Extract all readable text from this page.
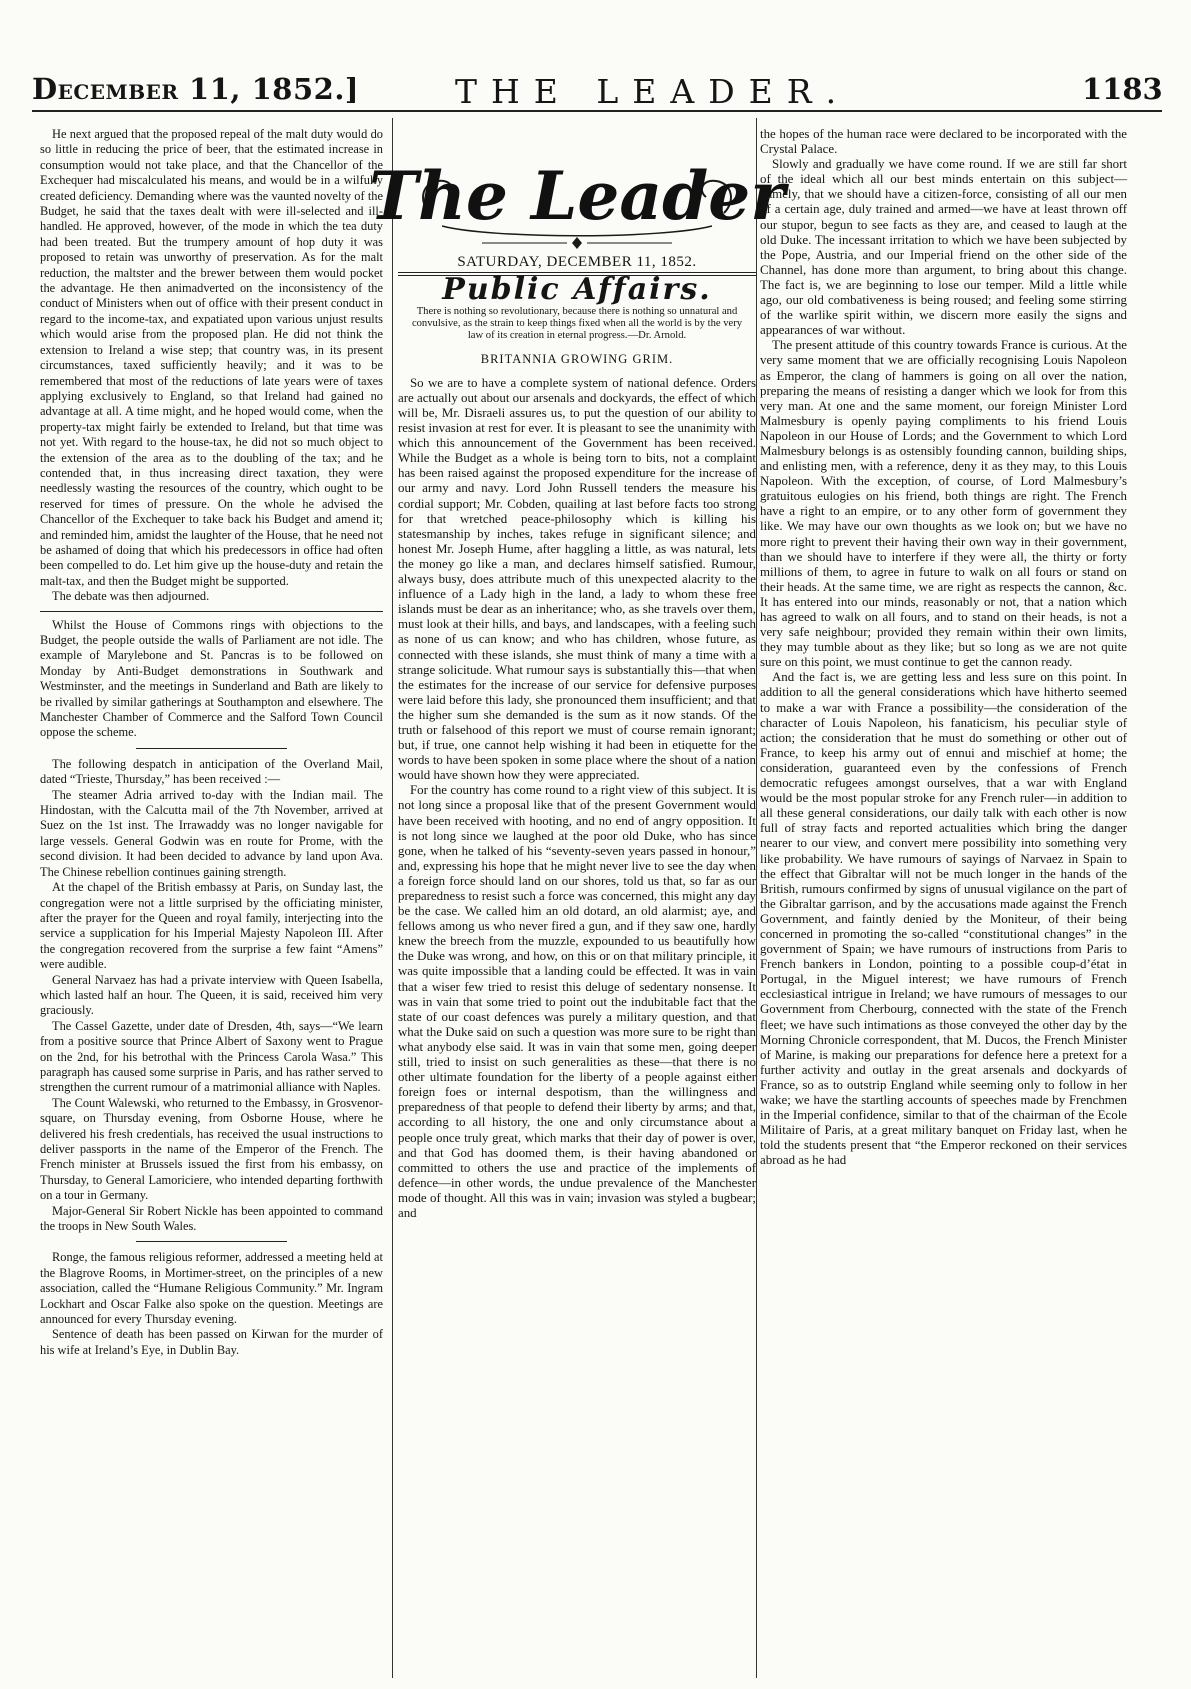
December 11, 1852.]	THE LEADER.	1183

He next argued that the proposed repeal of the malt duty would do so little in reducing the price of beer, that the estimated increase in consumption would not take place, and that the Chancellor of the Exchequer had miscalculated his means, and would be in a wilfully created deficiency. Demanding where was the vaunted novelty of the Budget, he said that the taxes dealt with were ill-selected and ill-handled. He approved, however, of the mode in which the tea duty had been treated. But the trumpery amount of hop duty it was proposed to retain was unworthy of preservation. As for the malt reduction, the maltster and the brewer between them would pocket the advantage. He then animadverted on the inconsistency of the conduct of Ministers when out of office with their present conduct in regard to the income-tax, and expatiated upon various unjust results which would arise from the proposed plan. He did not think the extension to Ireland a wise step; that country was, in its present circumstances, taxed sufficiently heavily; and it was to be remembered that most of the reductions of late years were of taxes applying exclusively to England, so that Ireland had gained no advantage at all. A time might, and he hoped would come, when the property-tax might fairly be extended to Ireland, but that time was not yet. With regard to the house-tax, he did not so much object to the extension of the area as to the doubling of the tax; and he contended that, in thus increasing direct taxation, they were needlessly wasting the resources of the country, which ought to be reserved for times of pressure. On the whole he advised the Chancellor of the Exchequer to take back his Budget and amend it; and reminded him, amidst the laughter of the House, that he need not be ashamed of doing that which his predecessors in office had often been compelled to do. Let him give up the house-duty and retain the malt-tax, and then the Budget might be supported.

The debate was then adjourned.

Whilst the House of Commons rings with objections to the Budget, the people outside the walls of Parliament are not idle. The example of Marylebone and St. Pancras is to be followed on Monday by Anti-Budget demonstrations in Southwark and Westminster, and the meetings in Sunderland and Bath are likely to be rivalled by similar gatherings at Southampton and elsewhere. The Manchester Chamber of Commerce and the Salford Town Council oppose the scheme.

The following despatch in anticipation of the Overland Mail, dated “Trieste, Thursday,” has been received :—

The steamer Adria arrived to-day with the Indian mail. The Hindostan, with the Calcutta mail of the 7th November, arrived at Suez on the 1st inst. The Irrawaddy was no longer navigable for large vessels. General Godwin was en route for Prome, with the second division. It had been decided to advance by land upon Ava. The Chinese rebellion continues gaining strength.

At the chapel of the British embassy at Paris, on Sunday last, the congregation were not a little surprised by the officiating minister, after the prayer for the Queen and royal family, interjecting into the service a supplication for his Imperial Majesty Napoleon III. After the congregation recovered from the surprise a few faint “Amens” were audible.

General Narvaez has had a private interview with Queen Isabella, which lasted half an hour. The Queen, it is said, received him very graciously.

The Cassel Gazette, under date of Dresden, 4th, says—“We learn from a positive source that Prince Albert of Saxony went to Prague on the 2nd, for his betrothal with the Princess Carola Wasa.” This paragraph has caused some surprise in Paris, and has rather served to strengthen the current rumour of a matrimonial alliance with Naples.

The Count Walewski, who returned to the Embassy, in Grosvenor-square, on Thursday evening, from Osborne House, where he delivered his fresh credentials, has received the usual instructions to deliver passports in the name of the Emperor of the French. The French minister at Brussels issued the first from his embassy, on Thursday, to General Lamoriciere, who intended departing forthwith on a tour in Germany.

Major-General Sir Robert Nickle has been appointed to command the troops in New South Wales.

Ronge, the famous religious reformer, addressed a meeting held at the Blagrove Rooms, in Mortimer-street, on the principles of a new association, called the “Humane Religious Community.” Mr. Ingram Lockhart and Oscar Falke also spoke on the question. Meetings are announced for every Thursday evening.

Sentence of death has been passed on Kirwan for the murder of his wife at Ireland’s Eye, in Dublin Bay.

The Leader
SATURDAY, DECEMBER 11, 1852.
Public Affairs.
There is nothing so revolutionary, because there is nothing so unnatural and convulsive, as the strain to keep things fixed when all the world is by the very law of its creation in eternal progress.—Dr. Arnold.
BRITANNIA GROWING GRIM.

So we are to have a complete system of national defence. Orders are actually out about our arsenals and dockyards, the effect of which will be, Mr. Disraeli assures us, to put the question of our ability to resist invasion at rest for ever. It is pleasant to see the unanimity with which this announcement of the Government has been received. While the Budget as a whole is being torn to bits, not a complaint has been raised against the proposed expenditure for the increase of our army and navy. Lord John Russell tenders the measure his cordial support; Mr. Cobden, quailing at last before facts too strong for that wretched peace-philosophy which is killing his statesmanship by inches, takes refuge in significant silence; and honest Mr. Joseph Hume, after haggling a little, as was natural, lets the money go like a man, and declares himself satisfied. Rumour, always busy, does attribute much of this unexpected alacrity to the influence of a Lady high in the land, a lady to whom these free islands must be dear as an inheritance; who, as she travels over them, must look at their hills, and bays, and landscapes, with a feeling such as none of us can know; and who has children, whose future, as connected with these islands, she must think of many a time with a strange solicitude. What rumour says is substantially this—that when the estimates for the increase of our service for defensive purposes were laid before this lady, she pronounced them insufficient; and that the higher sum she demanded is the sum as it now stands. Of the truth or falsehood of this report we must of course remain ignorant; but, if true, one cannot help wishing it had been in etiquette for the words to have been spoken in some place where the shout of a nation would have shown how they were appreciated.

For the country has come round to a right view of this subject. It is not long since a proposal like that of the present Government would have been received with hooting, and no end of angry opposition. It is not long since we laughed at the poor old Duke, who has since gone, when he talked of his “seventy-seven years passed in honour,” and, expressing his hope that he might never live to see the day when a foreign force should land on our shores, told us that, so far as our preparedness to resist such a force was concerned, this might any day be the case. We called him an old dotard, an old alarmist; aye, and fellows among us who never fired a gun, and if they saw one, hardly knew the breech from the muzzle, expounded to us beautifully how the Duke was wrong, and how, on this or on that military principle, it was quite impossible that a landing could be effected. It was in vain that a wiser few tried to resist this deluge of sedentary nonsense. It was in vain that some tried to point out the indubitable fact that the state of our coast defences was purely a military question, and that what the Duke said on such a question was more sure to be right than what anybody else said. It was in vain that some men, going deeper still, tried to insist on such generalities as these—that there is no other ultimate foundation for the liberty of a people against either foreign foes or internal despotism, than the willingness and preparedness of that people to defend their liberty by arms; and that, according to all history, the one and only circumstance about a people once truly great, which marks that their day of power is over, and that God has doomed them, is their having abandoned or committed to others the use and practice of the implements of defence—in other words, the undue prevalence of the Manchester mode of thought. All this was in vain; invasion was styled a bugbear; and

the hopes of the human race were declared to be incorporated with the Crystal Palace.

Slowly and gradually we have come round. If we are still far short of the ideal which all our best minds entertain on this subject—namely, that we should have a citizen-force, consisting of all our men of a certain age, duly trained and armed—we have at least thrown off our stupor, begun to see facts as they are, and ceased to laugh at the old Duke. The incessant irritation to which we have been subjected by the Pope, Austria, and our Imperial friend on the other side of the Channel, has done more than argument, to bring about this change. The fact is, we are beginning to lose our temper. Mild a little while ago, our old combativeness is being roused; and feeling some stirring of the warlike spirit within, we discern more easily the signs and appearances of war without.

The present attitude of this country towards France is curious. At the very same moment that we are officially recognising Louis Napoleon as Emperor, the clang of hammers is going on all over the nation, preparing the means of resisting a danger which we look for from this very man. At one and the same moment, our foreign Minister Lord Malmesbury is openly paying compliments to his friend Louis Napoleon in our House of Lords; and the Government to which Lord Malmesbury belongs is as ostensibly founding cannon, building ships, and enlisting men, with a reference, deny it as they may, to this Louis Napoleon. With the exception, of course, of Lord Malmesbury’s gratuitous eulogies on his friend, both things are right. The French have a right to an empire, or to any other form of government they like. We may have our own thoughts as we look on; but we have no more right to prevent their having their own way in their government, than we should have to interfere if they were all, the thirty or forty millions of them, to agree in future to walk on all fours or stand on their heads. At the same time, we are right as respects the cannon, &c. It has entered into our minds, reasonably or not, that a nation which has agreed to walk on all fours, and to stand on their heads, is not a very safe neighbour; provided they remain within their own limits, they may tumble about as they like; but so long as we are not quite sure on this point, we must continue to get the cannon ready.

And the fact is, we are getting less and less sure on this point. In addition to all the general considerations which have hitherto seemed to make a war with France a possibility—the consideration of the character of Louis Napoleon, his fanaticism, his peculiar style of action; the consideration that he must do something or other out of France, to keep his army out of ennui and mischief at home; the consideration, guaranteed even by the confessions of French democratic refugees amongst ourselves, that a war with England would be the most popular stroke for any French ruler—in addition to all these general considerations, our daily talk with each other is now full of stray facts and reported actualities which bring the danger nearer to our view, and convert mere possibility into something very like probability. We have rumours of sayings of Narvaez in Spain to the effect that Gibraltar will not be much longer in the hands of the British, rumours confirmed by signs of unusual vigilance on the part of the Gibraltar garrison, and by the accusations made against the French Government, and faintly denied by the Moniteur, of their being concerned in promoting the so-called “constitutional changes” in the government of Spain; we have rumours of instructions from Paris to French bankers in London, pointing to a possible coup-d’état in Portugal, in the Miguel interest; we have rumours of French ecclesiastical intrigue in Ireland; we have rumours of messages to our Government from Cherbourg, connected with the state of the French fleet; we have such intimations as those conveyed the other day by the Morning Chronicle correspondent, that M. Ducos, the French Minister of Marine, is making our preparations for defence here a pretext for a further activity and outlay in the great arsenals and dockyards of France, so as to outstrip England while seeming only to follow in her wake; we have the startling accounts of speeches made by Frenchmen in the Imperial confidence, similar to that of the chairman of the Ecole Militaire of Paris, at a great military banquet on Friday last, when he told the students present that “the Emperor reckoned on their services abroad as he had
